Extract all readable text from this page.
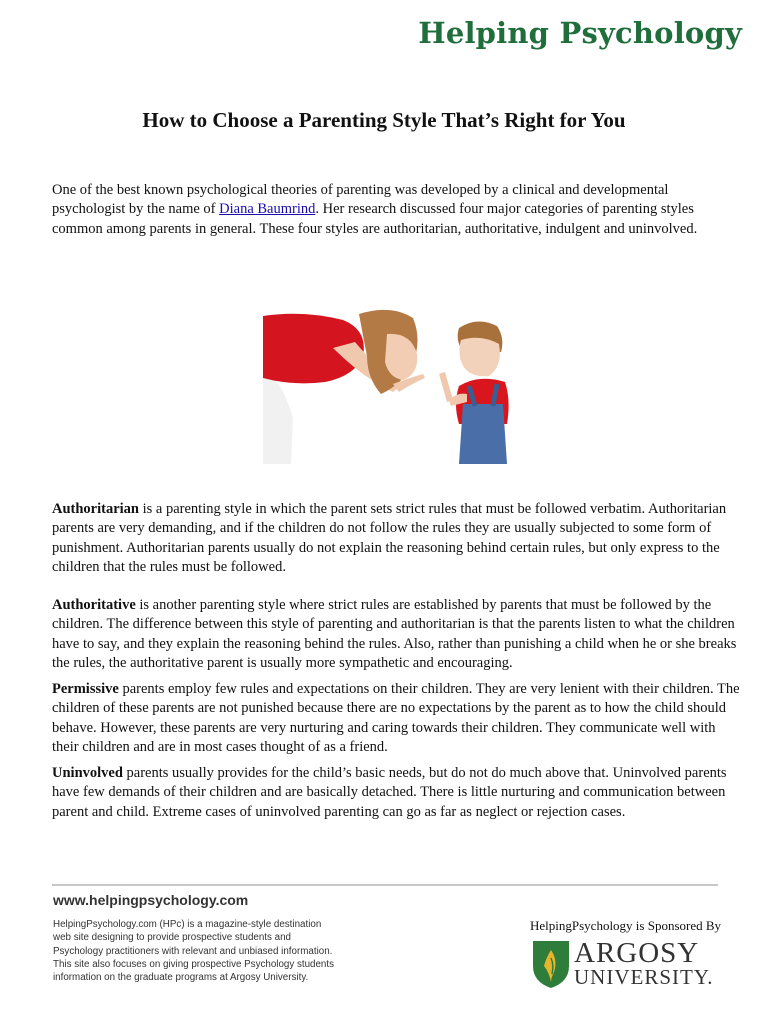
Helping Psychology
How to Choose a Parenting Style That’s Right for You

One of the best known psychological theories of parenting was developed by a clinical and developmental psychologist by the name of Diana Baumrind. Her research discussed four major categories of parenting styles common among parents in general. These four styles are authoritarian, authoritative, indulgent and uninvolved.

Authoritarian is a parenting style in which the parent sets strict rules that must be followed verbatim. Authoritarian parents are very demanding, and if the children do not follow the rules they are usually subjected to some form of punishment. Authoritarian parents usually do not explain the reasoning behind certain rules, but only express to the children that the rules must be followed.

Authoritative is another parenting style where strict rules are established by parents that must be followed by the children. The difference between this style of parenting and authoritarian is that the parents listen to what the children have to say, and they explain the reasoning behind the rules. Also, rather than punishing a child when he or she breaks the rules, the authoritative parent is usually more sympathetic and encouraging.

Permissive parents employ few rules and expectations on their children. They are very lenient with their children. The children of these parents are not punished because there are no expectations by the parent as to how the child should behave. However, these parents are very nurturing and caring towards their children. They communicate well with their children and are in most cases thought of as a friend.

Uninvolved parents usually provides for the child’s basic needs, but do not do much above that. Uninvolved parents have few demands of their children and are basically detached. There is little nurturing and communication between parent and child. Extreme cases of uninvolved parenting can go as far as neglect or rejection cases.

www.helpingpsychology.com

HelpingPsychology.com (HPc) is a magazine-style destination
web site designing to provide prospective students and
Psychology practitioners with relevant and unbiased information.
This site also focuses on giving prospective Psychology students
information on the graduate programs at Argosy University.

HelpingPsychology is Sponsored By

ARGOSY

UNIVERSITY.
